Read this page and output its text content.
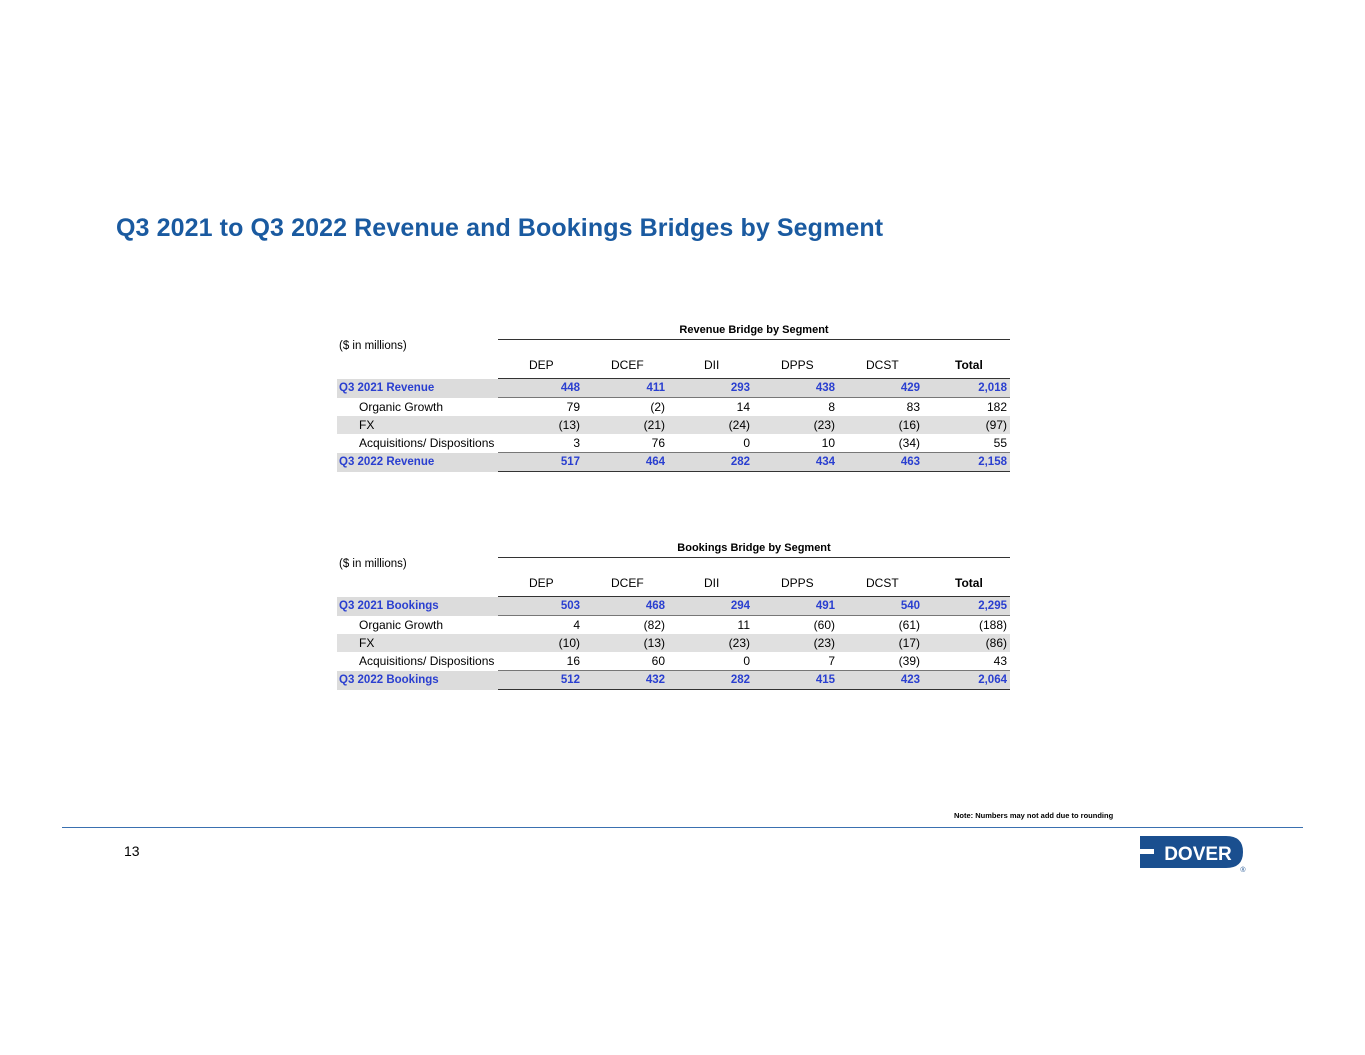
Q3 2021 to Q3 2022 Revenue and Bookings Bridges by Segment
Revenue Bridge by Segment
($ in millions)
DEP	DCEF	DII	DPPS	DCST	Total
Q3 2021 Revenue	448	411	293	438	429	2,018
Organic Growth	79	(2)	14	8	83	182
FX	(13)	(21)	(24)	(23)	(16)	(97)
Acquisitions/ Dispositions	3	76	0	10	(34)	55
Q3 2022 Revenue	517	464	282	434	463	2,158
Bookings Bridge by Segment
($ in millions)
DEP	DCEF	DII	DPPS	DCST	Total
Q3 2021 Bookings	503	468	294	491	540	2,295
Organic Growth	4	(82)	11	(60)	(61)	(188)
FX	(10)	(13)	(23)	(23)	(17)	(86)
Acquisitions/ Dispositions	16	60	0	7	(39)	43
Q3 2022 Bookings	512	432	282	415	423	2,064
Note: Numbers may not add due to rounding
13	DOVER
®
